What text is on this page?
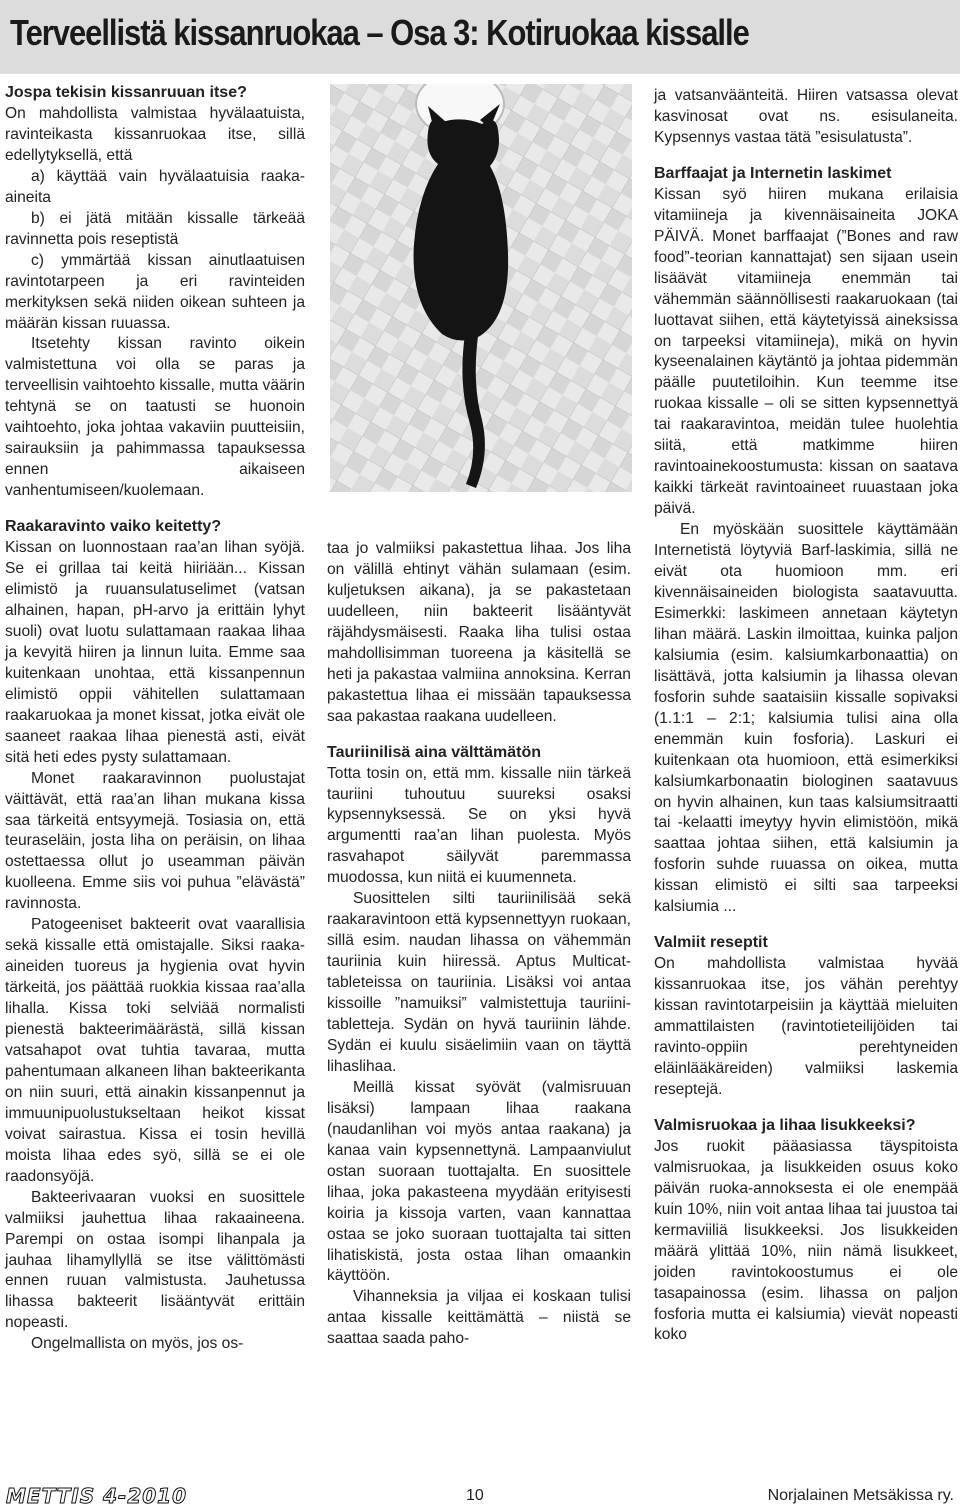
Terveellistä kissanruokaa – Osa 3: Kotiruokaa kissalle
Jospa tekisin kissanruuan itse?

On mahdollista valmistaa hyvälaatuista, ravinteikasta kissanruokaa itse, sillä edellytyksellä, että

a) käyttää vain hyvälaatuisia raaka-aineita

b) ei jätä mitään kissalle tärkeää ravinnetta pois reseptistä

c) ymmärtää kissan ainutlaatuisen ravintotarpeen ja eri ravinteiden merkityksen sekä niiden oikean suhteen ja määrän kissan ruuassa.

Itsetehty kissan ravinto oikein valmistettuna voi olla se paras ja terveellisin vaihtoehto kissalle, mutta väärin tehtynä se on taatusti se huonoin vaihtoehto, joka johtaa vakaviin puutteisiin, sairauksiin ja pahimmassa tapauksessa ennen aikaiseen vanhentumiseen/kuolemaan.

Raakaravinto vaiko keitetty?

Kissan on luonnostaan raa’an lihan syöjä. Se ei grillaa tai keitä hiiriään... Kissan elimistö ja ruuansulatuselimet (vatsan alhainen, hapan, pH-arvo ja erittäin lyhyt suoli) ovat luotu sulattamaan raakaa lihaa ja kevyitä hiiren ja linnun luita. Emme saa kuitenkaan unohtaa, että kissanpennun elimistö oppii vähitellen sulattamaan raakaruokaa ja monet kissat, jotka eivät ole saaneet raakaa lihaa pienestä asti, eivät sitä heti edes pysty sulattamaan.

Monet raakaravinnon puolustajat väittävät, että raa’an lihan mukana kissa saa tärkeitä entsyymejä. Tosiasia on, että teuraseläin, josta liha on peräisin, on lihaa ostettaessa ollut jo useamman päivän kuolleena. Emme siis voi puhua ”elävästä” ravinnosta.

Patogeeniset bakteerit ovat vaarallisia sekä kissalle että omistajalle. Siksi raaka-aineiden tuoreus ja hygienia ovat hyvin tärkeitä, jos päättää ruokkia kissaa raa’alla lihalla. Kissa toki selviää normalisti pienestä bakteerimäärästä, sillä kissan vatsahapot ovat tuhtia tavaraa, mutta pahentumaan alkaneen lihan bakteerikanta on niin suuri, että ainakin kissanpennut ja immuunipuolustukseltaan heikot kissat voivat sairastua. Kissa ei tosin hevillä moista lihaa edes syö, sillä se ei ole raadonsyöjä.

Bakteerivaaran vuoksi en suosittele valmiiksi jauhettua lihaa rakaaineena. Parempi on ostaa isompi lihanpala ja jauhaa lihamyllyllä se itse välittömästi ennen ruuan valmistusta. Jauhetussa lihassa bakteerit lisääntyvät erittäin nopeasti.

Ongelmallista on myös, jos os-

taa jo valmiiksi pakastettua lihaa. Jos liha on välillä ehtinyt vähän sulamaan (esim. kuljetuksen aikana), ja se pakastetaan uudelleen, niin bakteerit lisääntyvät räjähdysmäisesti. Raaka liha tulisi ostaa mahdollisimman tuoreena ja käsitellä se heti ja pakastaa valmiina annoksina. Kerran pakastettua lihaa ei missään tapauksessa saa pakastaa raakana uudelleen.

Tauriinilisä aina välttämätön

Totta tosin on, että mm. kissalle niin tärkeä tauriini tuhoutuu suureksi osaksi kypsennyksessä. Se on yksi hyvä argumentti raa’an lihan puolesta. Myös rasvahapot säilyvät paremmassa muodossa, kun niitä ei kuumenneta.

Suosittelen silti tauriinilisää sekä raakaravintoon että kypsennettyyn ruokaan, sillä esim. naudan lihassa on vähemmän tauriinia kuin hiiressä. Aptus Multicat-tableteissa on tauriinia. Lisäksi voi antaa kissoille ”namuiksi” valmistettuja tauriini-tabletteja. Sydän on hyvä tauriinin lähde. Sydän ei kuulu sisäelimiin vaan on täyttä lihaslihaa.

Meillä kissat syövät (valmisruuan lisäksi) lampaan lihaa raakana (naudanlihan voi myös antaa raakana) ja kanaa vain kypsennettynä. Lampaanviulut ostan suoraan tuottajalta. En suosittele lihaa, joka pakasteena myydään erityisesti koiria ja kissoja varten, vaan kannattaa ostaa se joko suoraan tuottajalta tai sitten lihatiskistä, josta ostaa lihan omaankin käyttöön.

Vihanneksia ja viljaa ei koskaan tulisi antaa kissalle keittämättä – niistä se saattaa saada paho-

ja vatsanvääntеitä. Hiiren vatsassa olevat kasvinosat ovat ns. esisulaneita. Kypsennys vastaa tätä ”esisulatusta”.

Barffaajat ja Internetin laskimet

Kissan syö hiiren mukana erilaisia vitamiineja ja kivennäisaineita JOKA PÄIVÄ. Monet barffaajat (”Bones and raw food”-teorian kannattajat) sen sijaan usein lisäävät vitamiineja enemmän tai vähemmän säännöllisesti raakaruokaan (tai luottavat siihen, että käytetyissä aineksissa on tarpeeksi vitamiineja), mikä on hyvin kyseenalainen käytäntö ja johtaa pidemmän päälle puutetiloihin. Kun teemme itse ruokaa kissalle – oli se sitten kypsennettyä tai raakaravintoa, meidän tulee huolehtia siitä, että matkimme hiiren ravintoainekoostumusta: kissan on saatava kaikki tärkeät ravintoaineet ruuastaan joka päivä.

En myöskään suosittele käyttämään Internetistä löytyviä Barf-laskimia, sillä ne eivät ota huomioon mm. eri kivennäisaineiden biologista saatavuutta. Esimerkki: laskimeen annetaan käytetyn lihan määrä. Laskin ilmoittaa, kuinka paljon kalsiumia (esim. kalsiumkarbonaattia) on lisättävä, jotta kalsiumin ja lihassa olevan fosforin suhde saataisiin kissalle sopivaksi (1.1:1 – 2:1; kalsiumia tulisi aina olla enemmän kuin fosforia). Laskuri ei kuitenkaan ota huomioon, että esimerkiksi kalsiumkarbonaatin biologinen saatavuus on hyvin alhainen, kun taas kalsiumsitraatti tai -kelaatti imeytyy hyvin elimistöön, mikä saattaa johtaa siihen, että kalsiumin ja fosforin suhde ruuassa on oikea, mutta kissan elimistö ei silti saa tarpeeksi kalsiumia ...

Valmiit reseptit

On mahdollista valmistaa hyvää kissanruokaa itse, jos vähän perehtyy kissan ravintotarpeisiin ja käyttää mieluiten ammattilaisten (ravintotieteilijöiden tai ravinto-oppiin perehtyneiden eläinlääkäreiden) valmiiksi laskemia reseptejä.

Valmisruokaa ja lihaa lisukkeeksi?

Jos ruokit pääasiassa täyspitoista valmisruokaa, ja lisukkeiden osuus koko päivän ruoka-annoksesta ei ole enempää kuin 10%, niin voit antaa lihaa tai juustoa tai kermaviiliä lisukkeeksi. Jos lisukkeiden määrä ylittää 10%, niin nämä lisukkeet, joiden ravintokoostumus ei ole tasapainossa (esim. lihassa on paljon fosforia mutta ei kalsiumia) vievät nopeasti koko

METTIS 4-2010	10	Norjalainen Metsäkissa ry.
